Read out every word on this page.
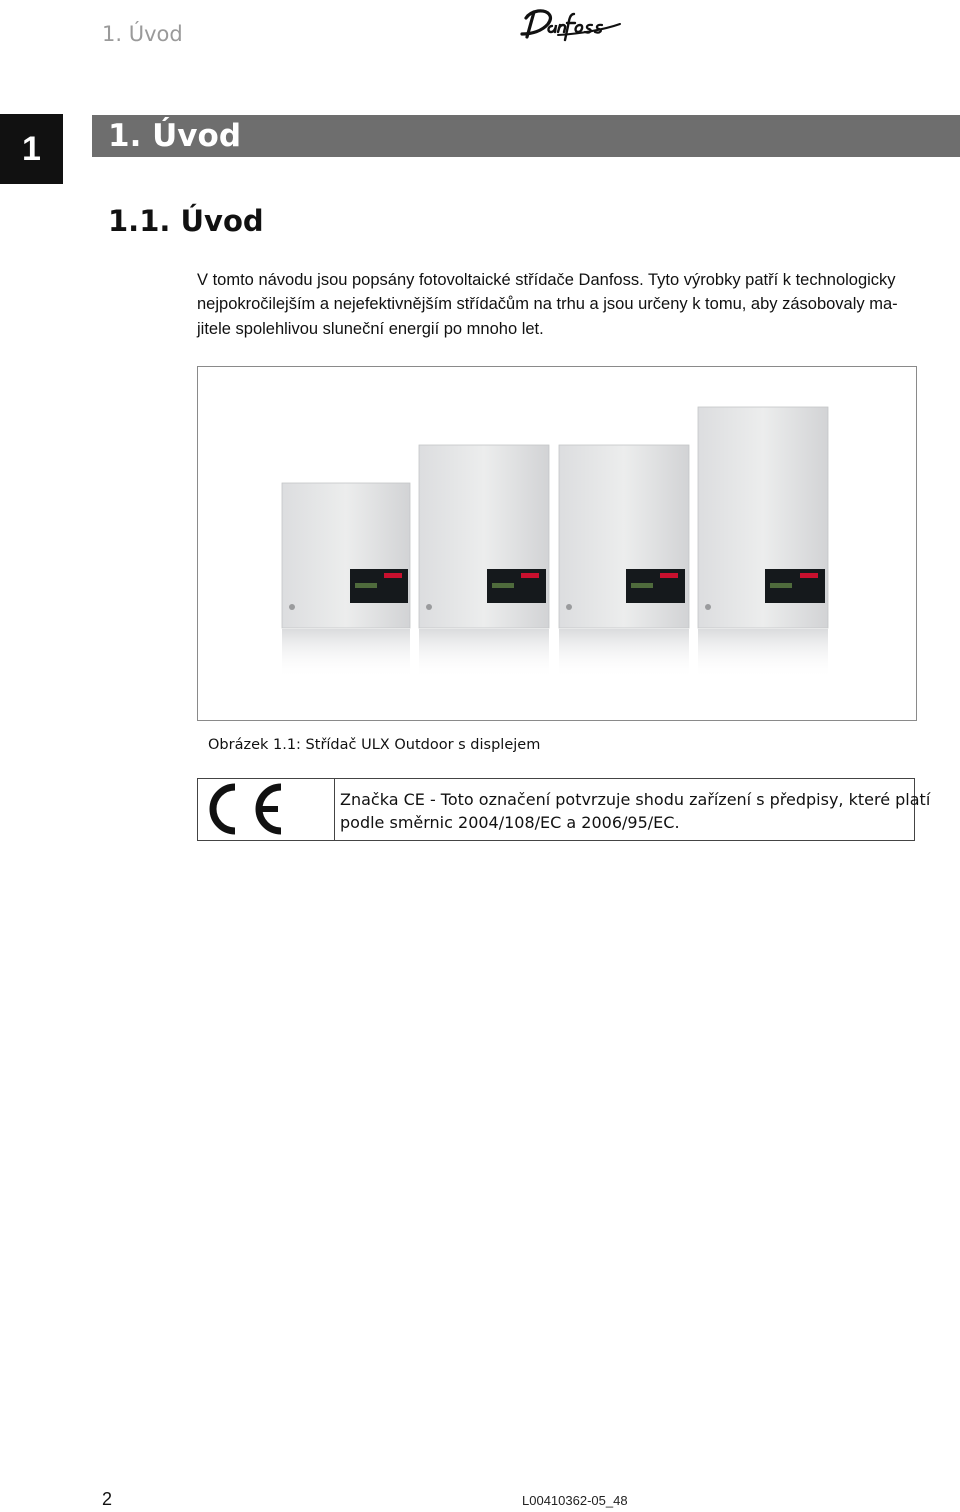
1. Úvod
1	1. Úvod
1.1. Úvod
V tomto návodu jsou popsány fotovoltaické střídače Danfoss. Tyto výrobky patří k technologicky
nejpokročilejším a nejefektivnějším střídačům na trhu a jsou určeny k tomu, aby zásobovaly ma-
jitele spolehlivou sluneční energií po mnoho let.
Obrázek 1.1: Střídač ULX Outdoor s displejem
Značka CE - Toto označení potvrzuje shodu zařízení s předpisy, které platí
podle směrnic 2004/108/EC a 2006/95/EC.
2	L00410362-05_48
